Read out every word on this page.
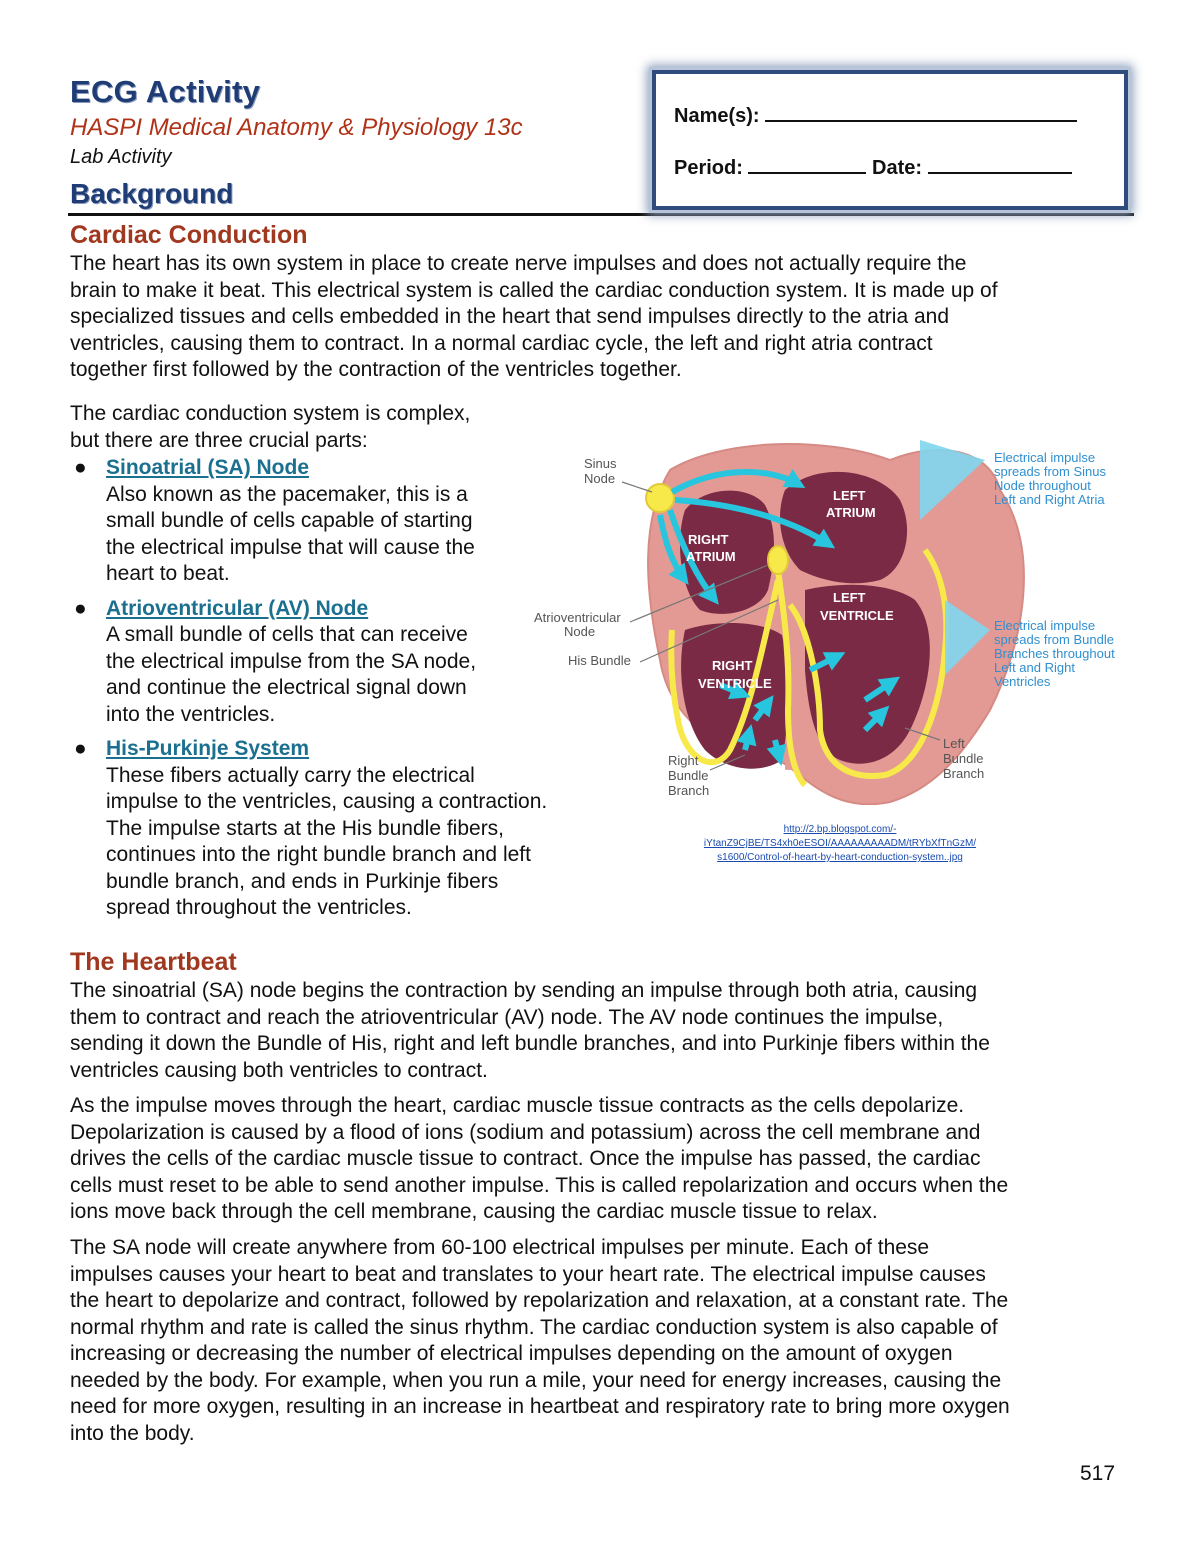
ECG Activity
HASPI Medical Anatomy & Physiology 13c
Lab Activity
Background
Name(s):
Period:	Date:
Cardiac Conduction
The heart has its own system in place to create nerve impulses and does not actually require the
brain to make it beat. This electrical system is called the cardiac conduction system. It is made up of
specialized tissues and cells embedded in the heart that send impulses directly to the atria and
ventricles, causing them to contract. In a normal cardiac cycle, the left and right atria contract
together first followed by the contraction of the ventricles together.
The cardiac conduction system is complex,
but there are three crucial parts:
● Sinoatrial (SA) Node
Also known as the pacemaker, this is a
small bundle of cells capable of starting
the electrical impulse that will cause the
heart to beat.
● Atrioventricular (AV) Node
A small bundle of cells that can receive
the electrical impulse from the SA node,
and continue the electrical signal down
into the ventricles.
● His-Purkinje System
These fibers actually carry the electrical
impulse to the ventricles, causing a contraction.
The impulse starts at the His bundle fibers,
continues into the right bundle branch and left
bundle branch, and ends in Purkinje fibers
spread throughout the ventricles.
Sinus
Node
Atrioventricular
Node
His Bundle
Right
Bundle
Branch
Left
Bundle
Branch
LEFT
ATRIUM
RIGHT
ATRIUM
LEFT
VENTRICLE
RIGHT
VENTRICLE
Electrical impulse
spreads from Sinus
Node throughout
Left and Right Atria
Electrical impulse
spreads from Bundle
Branches throughout
Left and Right
Ventricles
http://2.bp.blogspot.com/-
iYtanZ9CjBE/TS4xh0eESOI/AAAAAAAAADM/tRYbXfTnGzM/
s1600/Control-of-heart-by-heart-conduction-system..jpg
The Heartbeat
The sinoatrial (SA) node begins the contraction by sending an impulse through both atria, causing
them to contract and reach the atrioventricular (AV) node. The AV node continues the impulse,
sending it down the Bundle of His, right and left bundle branches, and into Purkinje fibers within the
ventricles causing both ventricles to contract.
As the impulse moves through the heart, cardiac muscle tissue contracts as the cells depolarize.
Depolarization is caused by a flood of ions (sodium and potassium) across the cell membrane and
drives the cells of the cardiac muscle tissue to contract. Once the impulse has passed, the cardiac
cells must reset to be able to send another impulse. This is called repolarization and occurs when the
ions move back through the cell membrane, causing the cardiac muscle tissue to relax.
The SA node will create anywhere from 60-100 electrical impulses per minute. Each of these
impulses causes your heart to beat and translates to your heart rate. The electrical impulse causes
the heart to depolarize and contract, followed by repolarization and relaxation, at a constant rate. The
normal rhythm and rate is called the sinus rhythm. The cardiac conduction system is also capable of
increasing or decreasing the number of electrical impulses depending on the amount of oxygen
needed by the body. For example, when you run a mile, your need for energy increases, causing the
need for more oxygen, resulting in an increase in heartbeat and respiratory rate to bring more oxygen
into the body.
517
